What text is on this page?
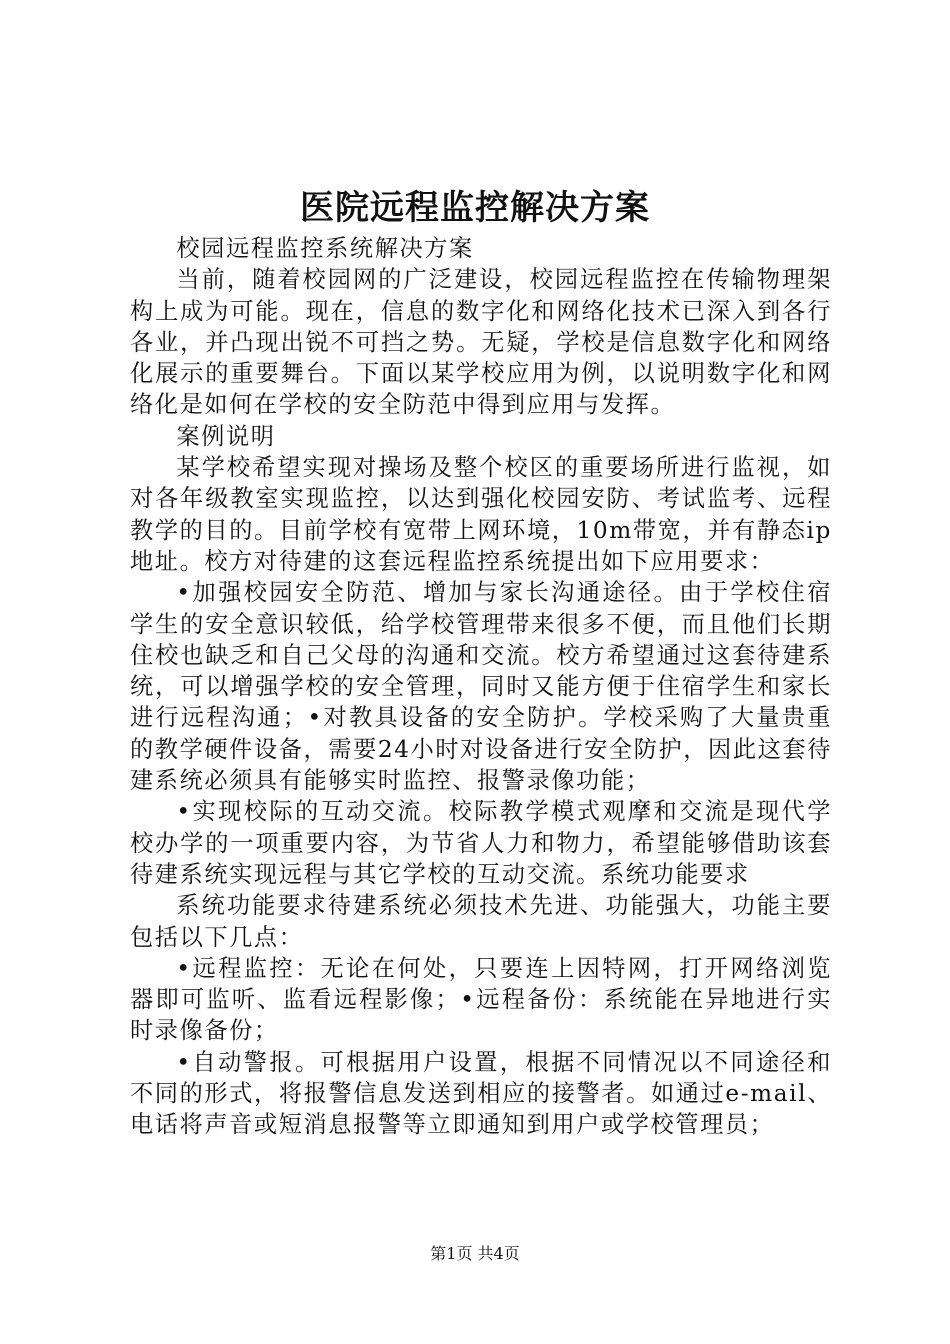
医院远程监控解决方案

校园远程监控系统解决方案

当前，随着校园网的广泛建设，校园远程监控在传输物理架构上成为可能。现在，信息的数字化和网络化技术已深入到各行各业，并凸现出锐不可挡之势。无疑，学校是信息数字化和网络化展示的重要舞台。下面以某学校应用为例，以说明数字化和网络化是如何在学校的安全防范中得到应用与发挥。

案例说明

某学校希望实现对操场及整个校区的重要场所进行监视，如对各年级教室实现监控，以达到强化校园安防、考试监考、远程教学的目的。目前学校有宽带上网环境，10m带宽，并有静态ip地址。校方对待建的这套远程监控系统提出如下应用要求：

•加强校园安全防范、增加与家长沟通途径。由于学校住宿学生的安全意识较低，给学校管理带来很多不便，而且他们长期住校也缺乏和自己父母的沟通和交流。校方希望通过这套待建系统，可以增强学校的安全管理，同时又能方便于住宿学生和家长进行远程沟通；•对教具设备的安全防护。学校采购了大量贵重的教学硬件设备，需要24小时对设备进行安全防护，因此这套待建系统必须具有能够实时监控、报警录像功能；

•实现校际的互动交流。校际教学模式观摩和交流是现代学校办学的一项重要内容，为节省人力和物力，希望能够借助该套待建系统实现远程与其它学校的互动交流。系统功能要求

系统功能要求待建系统必须技术先进、功能强大，功能主要包括以下几点：

•远程监控：无论在何处，只要连上因特网，打开网络浏览器即可监听、监看远程影像；•远程备份：系统能在异地进行实时录像备份；

•自动警报。可根据用户设置，根据不同情况以不同途径和不同的形式，将报警信息发送到相应的接警者。如通过e-mail、电话将声音或短消息报警等立即通知到用户或学校管理员；

第1页 共4页
